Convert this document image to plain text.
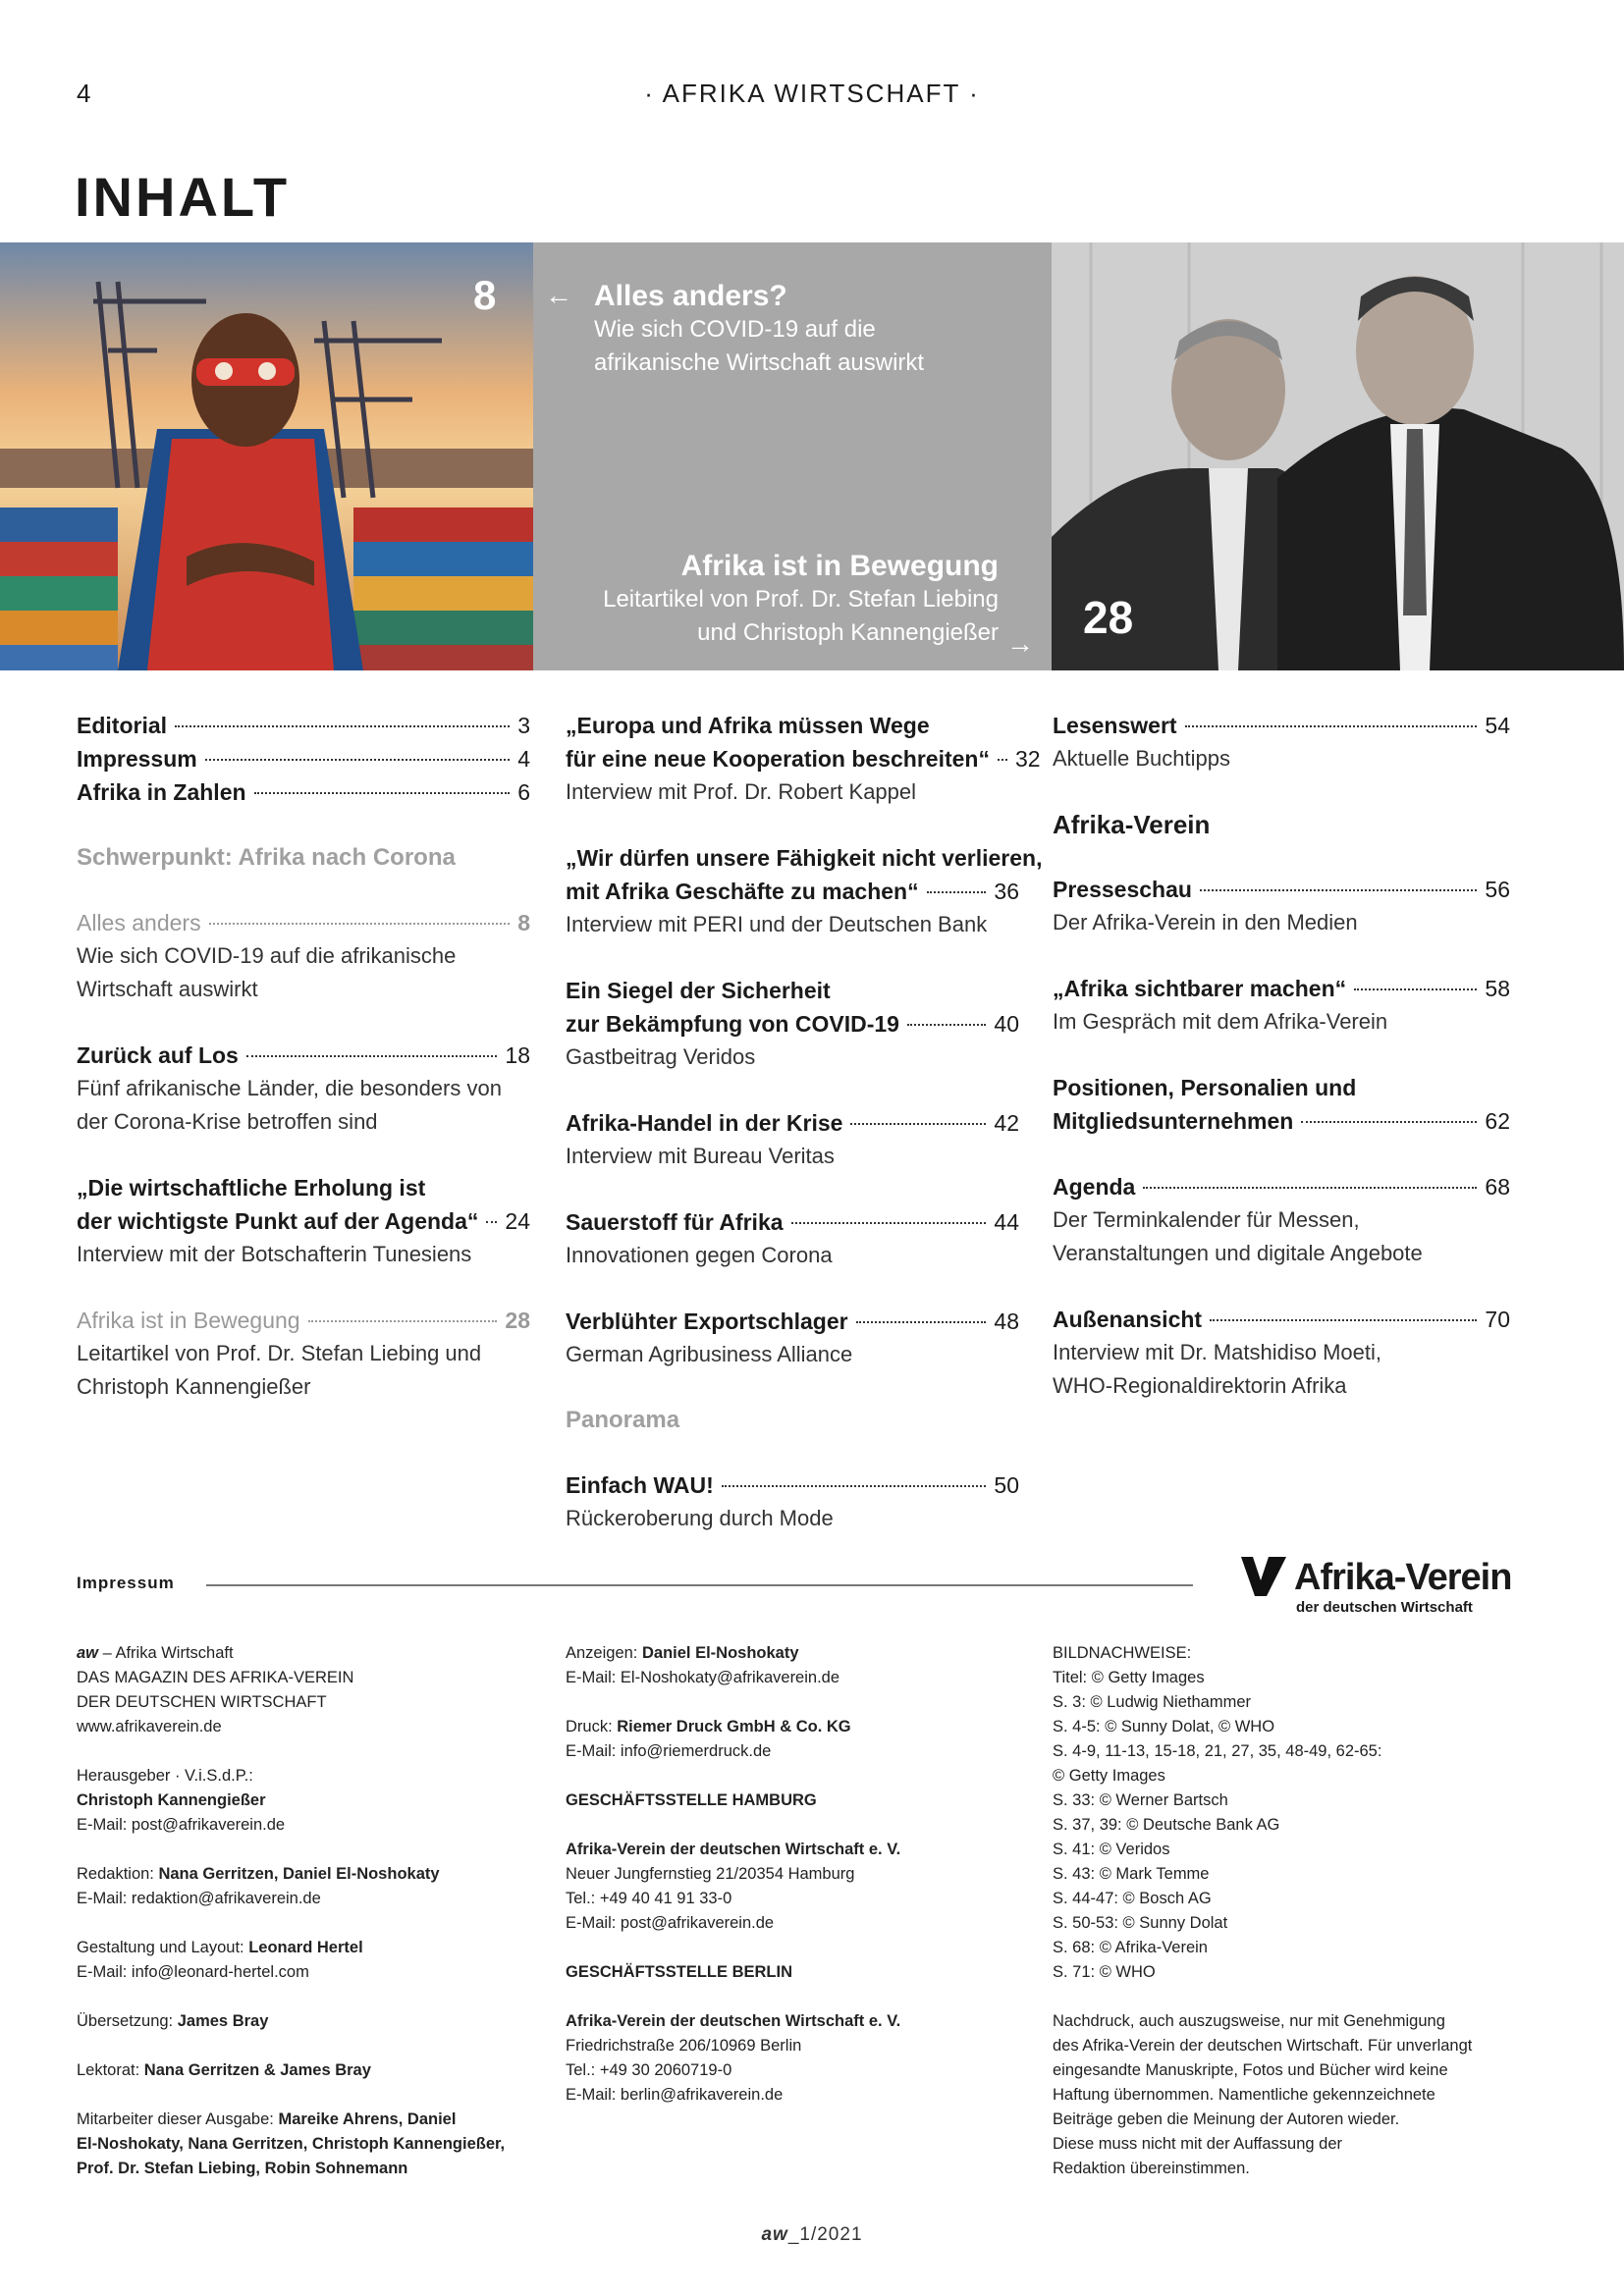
4	· AFRIKA WIRTSCHAFT ·
INHALT
8 ← Alles anders?
Wie sich COVID-19 auf die afrikanische Wirtschaft auswirkt
Afrika ist in Bewegung
Leitartikel von Prof. Dr. Stefan Liebing
und Christoph Kannengießer →
28
Editorial	3
Impressum	4
Afrika in Zahlen	6
Schwerpunkt: Afrika nach Corona
Alles anders	8
Wie sich COVID-19 auf die afrikanische Wirtschaft auswirkt
Zurück auf Los	18
Fünf afrikanische Länder, die besonders von der Corona-Krise betroffen sind
„Die wirtschaftliche Erholung ist
der wichtigste Punkt auf der Agenda“ 24
Interview mit der Botschafterin Tunesiens
Afrika ist in Bewegung	28
Leitartikel von Prof. Dr. Stefan Liebing und Christoph Kannengießer
„Europa und Afrika müssen Wege
für eine neue Kooperation beschreiten“ 32
Interview mit Prof. Dr. Robert Kappel
„Wir dürfen unsere Fähigkeit nicht verlieren,
mit Afrika Geschäfte zu machen“	36
Interview mit PERI und der Deutschen Bank
Ein Siegel der Sicherheit
zur Bekämpfung von COVID-19	40
Gastbeitrag Veridos
Afrika-Handel in der Krise	42
Interview mit Bureau Veritas
Sauerstoff für Afrika	44
Innovationen gegen Corona
Verblühter Exportschlager	48
German Agribusiness Alliance
Panorama
Einfach WAU!	50
Rückeroberung durch Mode
Lesenswert	54
Aktuelle Buchtipps
Afrika-Verein
Presseschau	56
Der Afrika-Verein in den Medien
„Afrika sichtbarer machen“	58
Im Gespräch mit dem Afrika-Verein
Positionen, Personalien und
Mitgliedsunternehmen	62
Agenda	68
Der Terminkalender für Messen, Veranstaltungen und digitale Angebote
Außenansicht	70
Interview mit Dr. Matshidiso Moeti,
WHO-Regionaldirektorin Afrika
Impressum	Afrika-Verein
der deutschen Wirtschaft
aw – Afrika Wirtschaft
DAS MAGAZIN DES AFRIKA-VEREIN
DER DEUTSCHEN WIRTSCHAFT
www.afrikaverein.de
Herausgeber · V.i.S.d.P.:
Christoph Kannengießer
E-Mail: post@afrikaverein.de
Redaktion: Nana Gerritzen, Daniel El-Noshokaty
E-Mail: redaktion@afrikaverein.de
Gestaltung und Layout: Leonard Hertel
E-Mail: info@leonard-hertel.com
Übersetzung: James Bray
Lektorat: Nana Gerritzen & James Bray
Mitarbeiter dieser Ausgabe: Mareike Ahrens, Daniel
El-Noshokaty, Nana Gerritzen, Christoph Kannengießer,
Prof. Dr. Stefan Liebing, Robin Sohnemann
Anzeigen: Daniel El-Noshokaty
E-Mail: El-Noshokaty@afrikaverein.de
Druck: Riemer Druck GmbH & Co. KG
E-Mail: info@riemerdruck.de
GESCHÄFTSSTELLE HAMBURG
Afrika-Verein der deutschen Wirtschaft e. V.
Neuer Jungfernstieg 21/20354 Hamburg
Tel.: +49 40 41 91 33-0
E-Mail: post@afrikaverein.de
GESCHÄFTSSTELLE BERLIN
Afrika-Verein der deutschen Wirtschaft e. V.
Friedrichstraße 206/10969 Berlin
Tel.: +49 30 2060719-0
E-Mail: berlin@afrikaverein.de
BILDNACHWEISE:
Titel: © Getty Images
S. 3: © Ludwig Niethammer
S. 4-5: © Sunny Dolat, © WHO
S. 4-9, 11-13, 15-18, 21, 27, 35, 48-49, 62-65:
© Getty Images
S. 33: © Werner Bartsch
S. 37, 39: © Deutsche Bank AG
S. 41: © Veridos
S. 43: © Mark Temme
S. 44-47: © Bosch AG
S. 50-53: © Sunny Dolat
S. 68: © Afrika-Verein
S. 71: © WHO
Nachdruck, auch auszugsweise, nur mit Genehmigung
des Afrika-Verein der deutschen Wirtschaft. Für unverlangt
eingesandte Manuskripte, Fotos und Bücher wird keine
Haftung übernommen. Namentliche gekennzeichnete
Beiträge geben die Meinung der Autoren wieder.
Diese muss nicht mit der Auffassung der
Redaktion übereinstimmen.
aw_1/2021
